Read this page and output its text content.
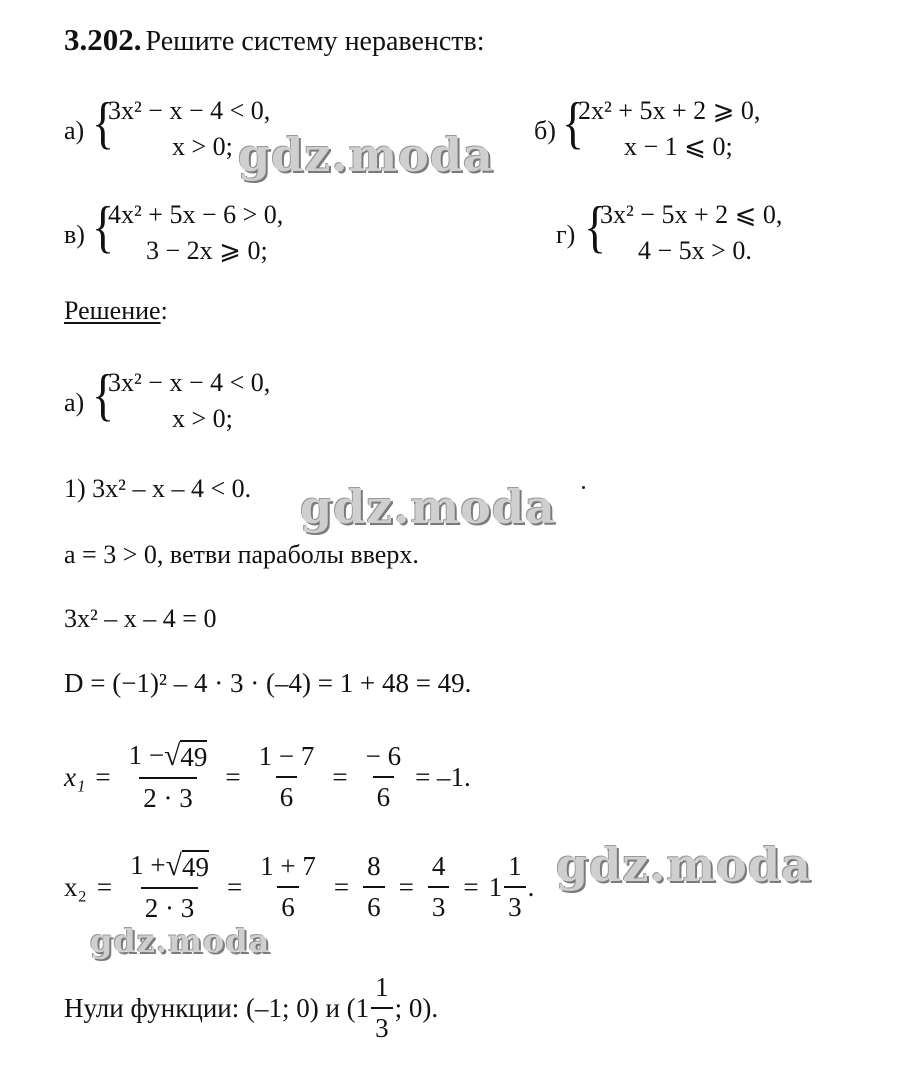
3.202. Решите систему неравенств:
а) {
3x² − x − 4 < 0,
x > 0;
б) {
2x² + 5x + 2 ⩾ 0,
x − 1 ⩽ 0;
в) {
4x² + 5x − 6 > 0,
3 − 2x ⩾ 0;
г) {
3x² − 5x + 2 ⩽ 0,
4 − 5x > 0.
Решение:
а) {
3x² − x − 4 < 0,
x > 0;
1) 3x² – x – 4 < 0.
a = 3 > 0, ветви параболы вверх.
3x² – x – 4 = 0
D = (−1)² – 4 · 3 · (–4) = 1 + 48 = 49.
$x_1 = \frac{1 - √ 49}{2 \cdot 3} = \frac{1 - 7}{6} = \frac{- 6}{6} = -1$.
$x_2 = \frac{1 + √ 49}{2 \cdot 3} = \frac{1 + 7}{6} = \frac{8}{6} = \frac{4}{3} = 1 \frac{1}{3}$ .
Нули функции: (–1; 0) и ( $1 \frac{1}{3}$ ; 0).
gdz.moda
gdz.moda
gdz.moda
gdz.moda
